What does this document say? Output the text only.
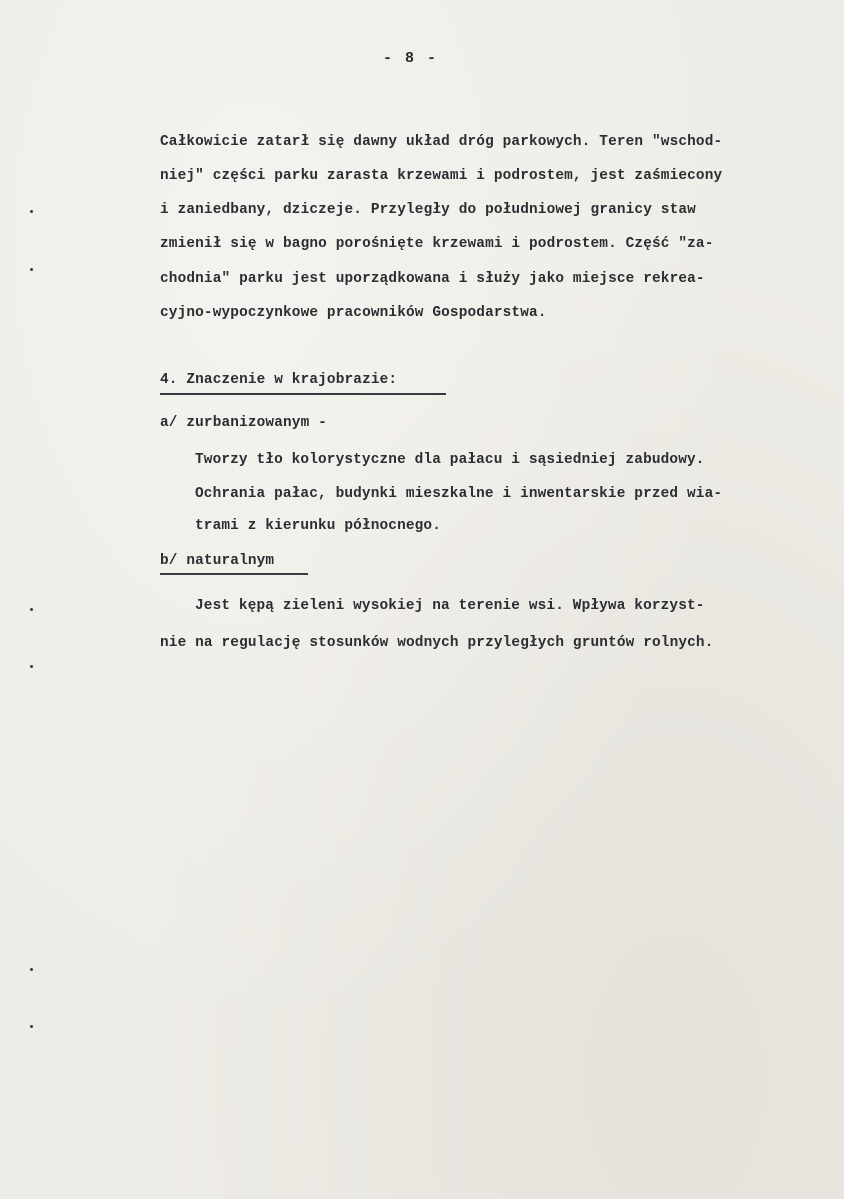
- 8 -
Całkowicie zatarł się dawny układ dróg parkowych. Teren "wschod-
niej" części parku zarasta krzewami i podrostem, jest zaśmiecony
i zaniedbany, dziczeje. Przyległy do południowej granicy staw
zmienił się w bagno porośnięte krzewami i podrostem. Część "za-
chodnia" parku jest uporządkowana i służy jako miejsce rekrea-
cyjno-wypoczynkowe pracowników Gospodarstwa.
4. Znaczenie w krajobrazie:
a/ zurbanizowanym -
Tworzy tło kolorystyczne dla pałacu i sąsiedniej zabudowy.
Ochrania pałac, budynki mieszkalne i inwentarskie przed wia-
trami z kierunku północnego.
b/ naturalnym
Jest kępą zieleni wysokiej na terenie wsi. Wpływa korzyst-
nie na regulację stosunków wodnych przyległych gruntów rolnych.
